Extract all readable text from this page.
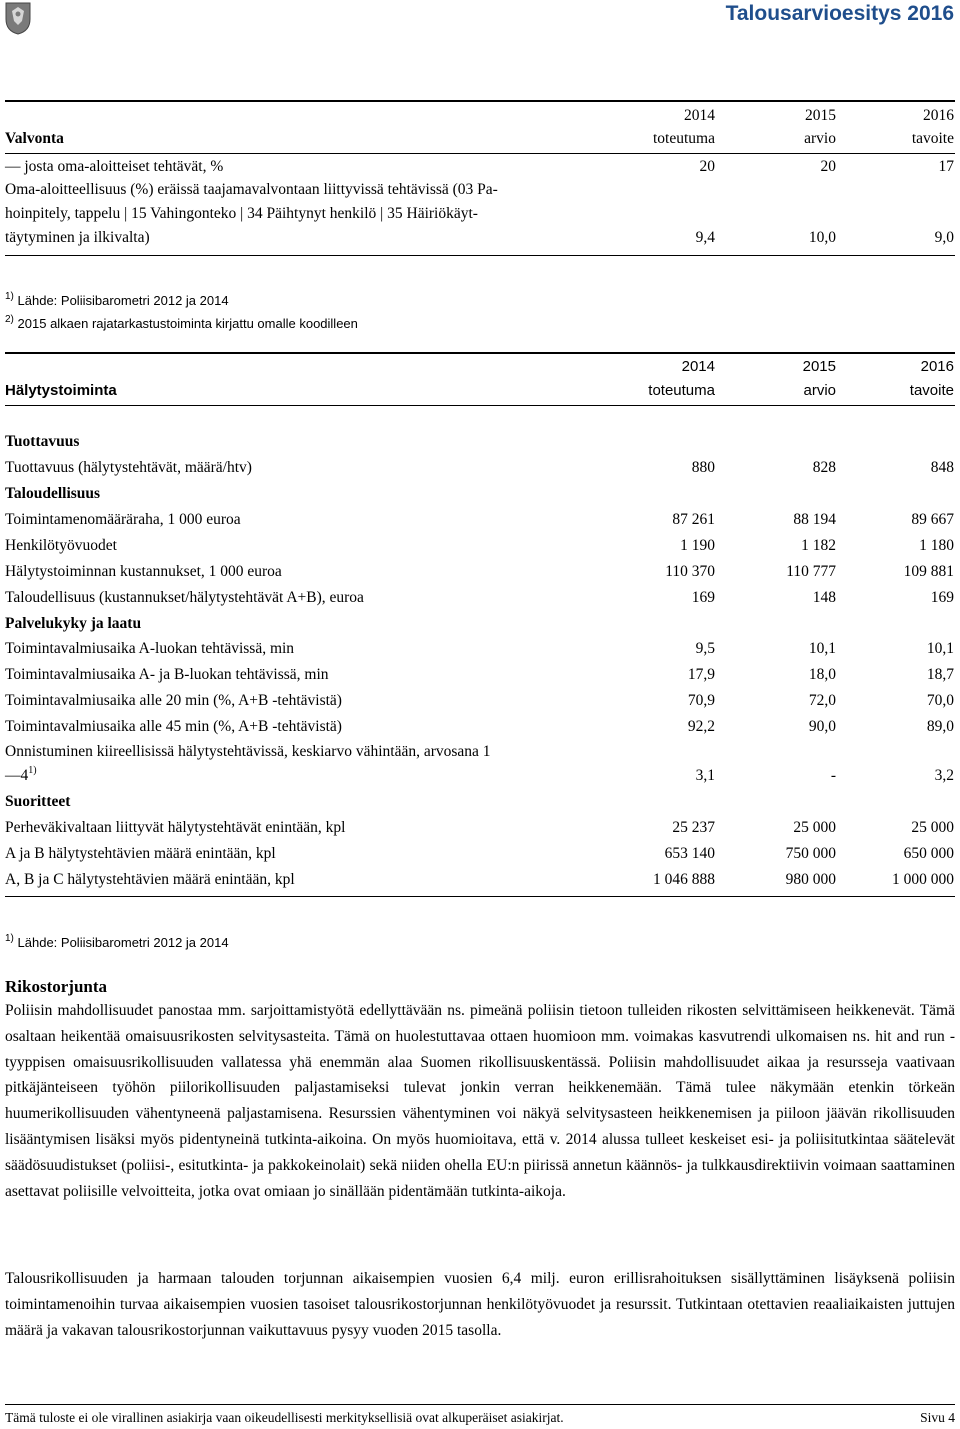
Talousarvioesitys 2016
2014	2015	2016
Valvonta	toteutuma	arvio	tavoite
— josta oma-aloitteiset tehtävät, %	20	20	17
Oma-aloitteellisuus (%) eräissä taajamavalvontaan liittyvissä tehtävissä (03 Pa-
hoinpitely, tappelu | 15 Vahingonteko | 34 Päihtynyt henkilö | 35 Häiriökäyt-
täytyminen ja ilkivalta)	9,4	10,0	9,0
$^{1)}$ Lähde: Poliisibarometri 2012 ja 2014
$^{2)}$ 2015 alkaen rajatarkastustoiminta kirjattu omalle koodilleen
2014	2015	2016
Hälytystoiminta	toteutuma	arvio	tavoite
Tuottavuus
Tuottavuus (hälytystehtävät, määrä/htv)	880	828	848
Taloudellisuus
Toimintamenomääräraha, 1 000 euroa	87 261	88 194	89 667
Henkilötyövuodet	1 190	1 182	1 180
Hälytystoiminnan kustannukset, 1 000 euroa	110 370	110 777	109 881
Taloudellisuus (kustannukset/hälytystehtävät A+B), euroa	169	148	169
Palvelukyky ja laatu
Toimintavalmiusaika A-luokan tehtävissä, min	9,5	10,1	10,1
Toimintavalmiusaika A- ja B-luokan tehtävissä, min	17,9	18,0	18,7
Toimintavalmiusaika alle 20 min (%, A+B -tehtävistä)	70,9	72,0	70,0
Toimintavalmiusaika alle 45 min (%, A+B -tehtävistä)	92,2	90,0	89,0
Onnistuminen kiireellisissä hälytystehtävissä, keskiarvo vähintään, arvosana 1
—4$^{1)}$	3,1	-	3,2
Suoritteet
Perheväkivaltaan liittyvät hälytystehtävät enintään, kpl	25 237	25 000	25 000
A ja B hälytystehtävien määrä enintään, kpl	653 140	750 000	650 000
A, B ja C hälytystehtävien määrä enintään, kpl	1 046 888	980 000	1 000 000
$^{1)}$ Lähde: Poliisibarometri 2012 ja 2014
Rikostorjunta
Poliisin mahdollisuudet panostaa mm. sarjoittamistyötä edellyttävään ns. pimeänä poliisin tietoon tulleiden rikosten selvittämiseen heikkenevät. Tämä osaltaan heikentää omaisuusrikosten selvitysasteita. Tämä on huolestuttavaa ottaen huomioon mm. voimakas kasvutrendi ulkomaisen ns. hit and run -tyyppisen omaisuusrikollisuuden vallatessa yhä enemmän alaa Suomen rikollisuuskentässä. Poliisin mahdollisuudet aikaa ja resursseja vaativaan pitkäjänteiseen työhön piilorikollisuuden paljastamiseksi tulevat jonkin verran heikkenemään. Tämä tulee näkymään etenkin törkeän huumerikollisuuden vähentyneenä paljastamisena. Resurssien vähentyminen voi näkyä selvitysasteen heikkenemisen ja piiloon jäävän rikollisuuden lisääntymisen lisäksi myös pidentyneinä tutkinta-aikoina. On myös huomioitava, että v. 2014 alussa tulleet keskeiset esi- ja poliisitutkintaa säätelevät säädösuudistukset (poliisi-, esitutkinta- ja pakkokeinolait) sekä niiden ohella EU:n piirissä annetun käännös- ja tulkkausdirektiivin voimaan saattaminen asettavat poliisille velvoitteita, jotka ovat omiaan jo sinällään pidentämään tutkinta-aikoja.
Talousrikollisuuden ja harmaan talouden torjunnan aikaisempien vuosien 6,4 milj. euron erillisrahoituksen sisällyttäminen lisäyksenä poliisin toimintamenoihin turvaa aikaisempien vuosien tasoiset talousrikostorjunnan henkilötyövuodet ja resurssit. Tutkintaan otettavien reaaliaikaisten juttujen määrä ja vakavan talousrikostorjunnan vaikuttavuus pysyy vuoden 2015 tasolla.
Tämä tuloste ei ole virallinen asiakirja vaan oikeudellisesti merkityksellisiä ovat alkuperäiset asiakirjat.	Sivu 4
